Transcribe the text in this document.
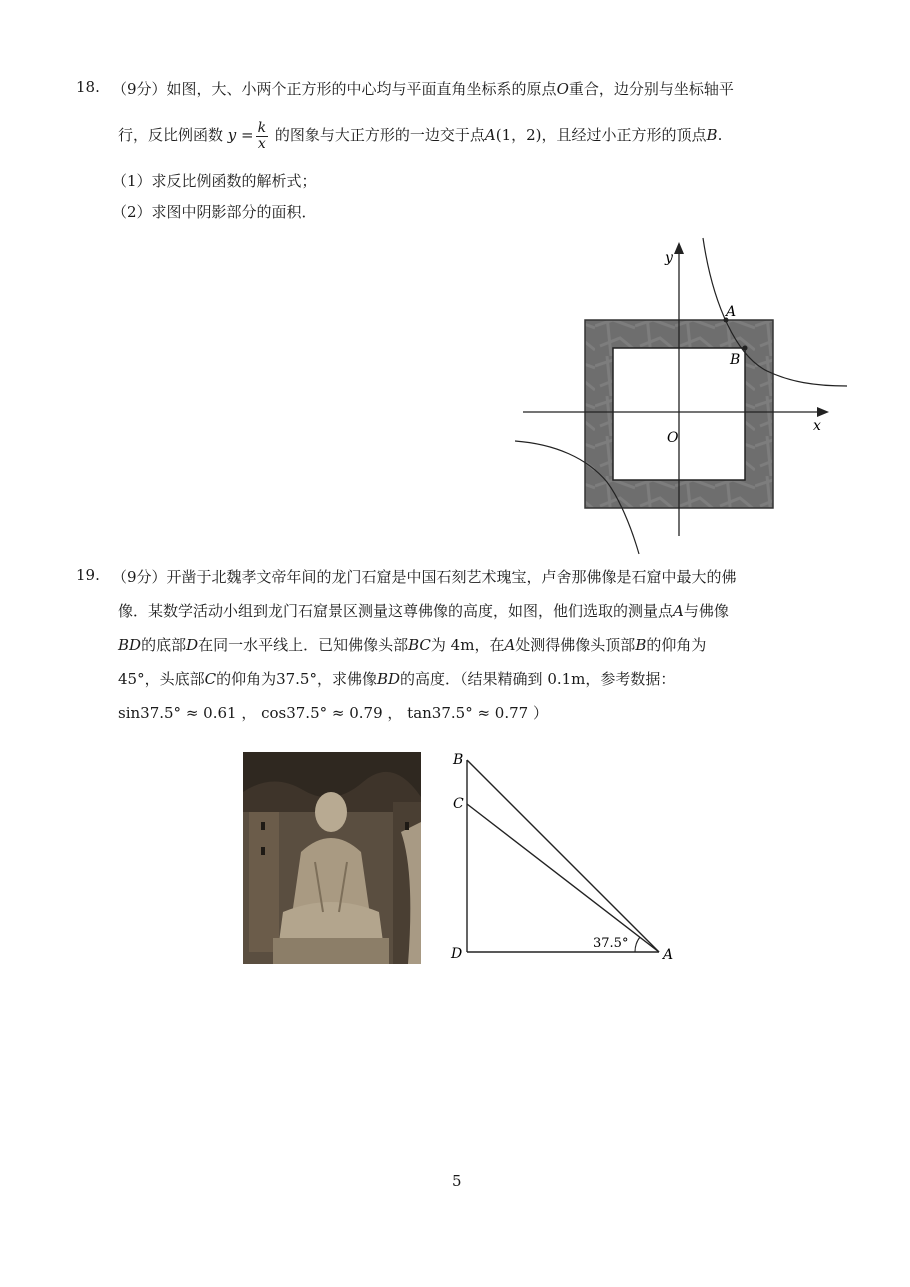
18. （9分）如图，大、小两个正方形的中心均与平面直角坐标系的原点O重合，边分别与坐标轴平
行，反比例函数 $y = \frac{k}{x}$ 的图象与大正方形的一边交于点A(1，2)，且经过小正方形的顶点B.
（1）求反比例函数的解析式；
（2）求图中阴影部分的面积．
y
x
A
B
O
19. （9分）开凿于北魏孝文帝年间的龙门石窟是中国石刻艺术瑰宝，卢舍那佛像是石窟中最大的佛
像．某数学活动小组到龙门石窟景区测量这尊佛像的高度，如图，他们选取的测量点A与佛像
BD的底部D在同一水平线上．已知佛像头部BC为 4m，在A处测得佛像头顶部B的仰角为
45°，头底部C的仰角为37.5°，求佛像BD的高度．（结果精确到 0.1m，参考数据：
sin37.5° ≈ 0.61 ， cos37.5° ≈ 0.79 ， tan37.5° ≈ 0.77 ）
B
C
D	A
37.5°
5
